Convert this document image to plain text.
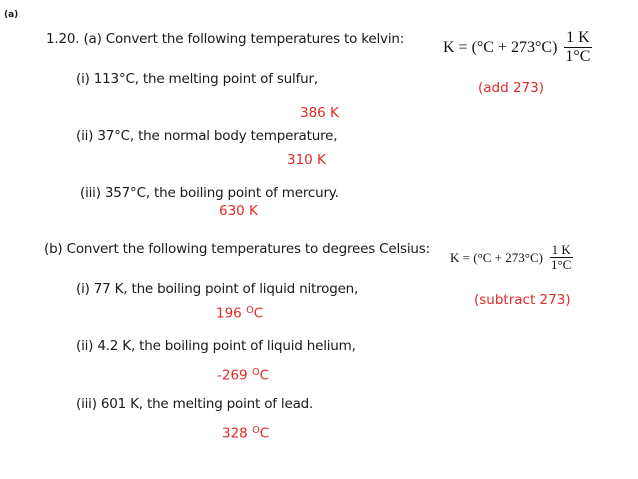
(a)
1.20. (a) Convert the following temperatures to kelvin:
$K = (^\circ C + 273^\circ C) \frac{1 K}{1^\circ C}$
(add 273)
(i) 113°C, the melting point of sulfur,
386 K
(ii) 37°C, the normal body temperature,
310 K
(iii) 357°C, the boiling point of mercury.
630 K
(b) Convert the following temperatures to degrees Celsius:
$K = (^\circ C + 273^\circ C) \frac{1 K}{1^\circ C}$
(subtract 273)
(i) 77 K, the boiling point of liquid nitrogen,
196 $^O$C
(ii) 4.2 K, the boiling point of liquid helium,
-269 $^O$C
(iii) 601 K, the melting point of lead.
328 $^O$C
